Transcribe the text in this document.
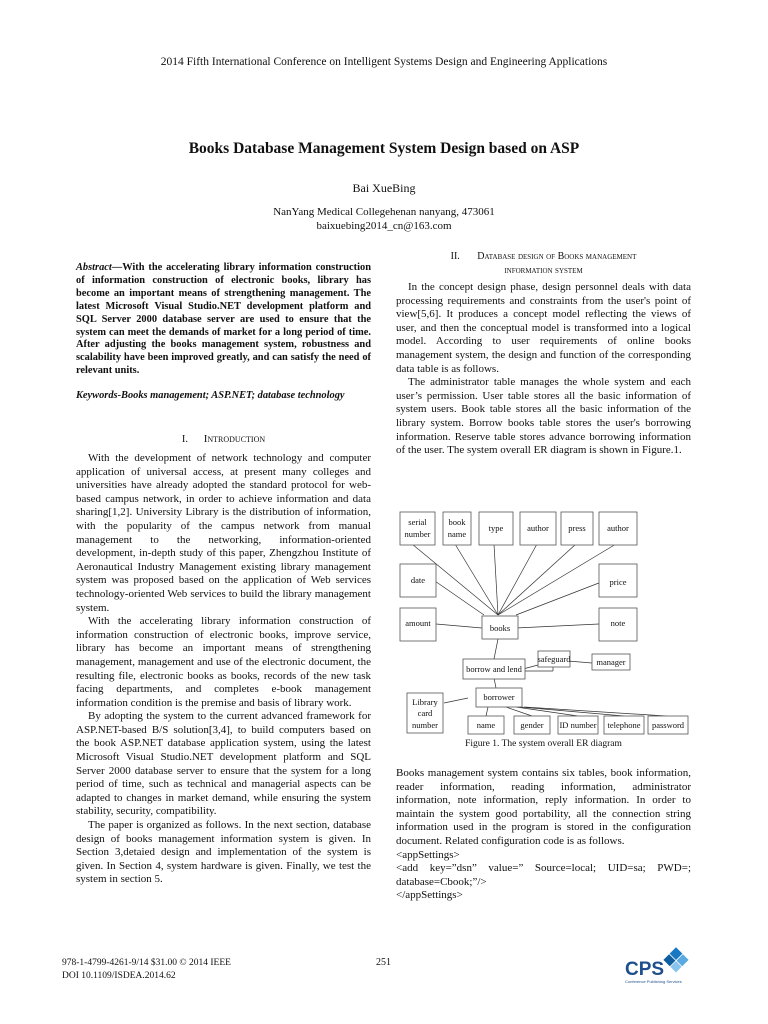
2014 Fifth International Conference on Intelligent Systems Design and Engineering Applications
Books Database Management System Design based on ASP
Bai XueBing
NanYang Medical Collegehenan nanyang, 473061
baixuebing2014_cn@163.com
Abstract—With the accelerating library information construction of information construction of electronic books, library has become an important means of strengthening management. The latest Microsoft Visual Studio.NET development platform and SQL Server 2000 database server are used to ensure that the system can meet the demands of market for a long period of time. After adjusting the books management system, robustness and scalability have been improved greatly, and can satisfy the need of relevant units.
Keywords-Books management; ASP.NET; database technology
I. Introduction

With the development of network technology and computer application of universal access, at present many colleges and universities have already adopted the standard protocol for web-based campus network, in order to achieve information and data sharing[1,2]. University Library is the distribution of information, with the popularity of the campus network from manual management to the networking, information-oriented development, in-depth study of this paper, Zhengzhou Institute of Aeronautical Industry Management existing library management system was proposed based on the application of Web services technology-oriented Web services to build the library management system.

With the accelerating library information construction of information construction of electronic books, improve service, library has become an important means of strengthening management, management and use of the electronic document, the resulting file, electronic books as books, records of the new task facing departments, and completes e-book management information condition is the premise and basis of library work.

By adopting the system to the current advanced framework for ASP.NET-based B/S solution[3,4], to build computers based on the book ASP.NET database application system, using the latest Microsoft Visual Studio.NET development platform and SQL Server 2000 database server to ensure that the system for a long period of time, such as technical and managerial aspects can be adapted to changes in market demand, while ensuring the system stability, security, compatibility.

The paper is organized as follows. In the next section, database design of books management information system is given. In Section 3,detaied design and implementation of the system is given. In Section 4, system hardware is given. Finally, we test the system in section 5.

II. Database design of Books management
information system

In the concept design phase, design personnel deals with data processing requirements and constraints from the user's point of view[5,6]. It produces a concept model reflecting the views of user, and then the conceptual model is transformed into a logical model. According to user requirements of online books management system, the design and function of the corresponding data table is as follows.

The administrator table manages the whole system and each user’s permission. User table stores all the basic information of system users. Book table stores all the basic information of the library system. Borrow books table stores the user's borrowing information. Reserve table stores advance borrowing information of the user. The system overall ER diagram is shown in Figure.1.

serial
number
book
name
type	author press	author
date	price
amount	note
books
safeguard	manager
borrow and lend
borrower
Library
card
number	name	gender ID number telephone password
Figure 1. The system overall ER diagram

Books management system contains six tables, book information, reader information, reading information, administrator information, note information, reply information. In order to maintain the system good portability, all the connection string information used in the program is stored in the configuration document. Related configuration code is as follows.

<appSettings>

<add key=”dsn” value=” Source=local; UID=sa; PWD=; database=Cbook;”/>

</appSettings>

978-1-4799-4261-9/14 $31.00 © 2014 IEEE
DOI 10.1109/ISDEA.2014.62
251	CPS
Conference Publishing Services
